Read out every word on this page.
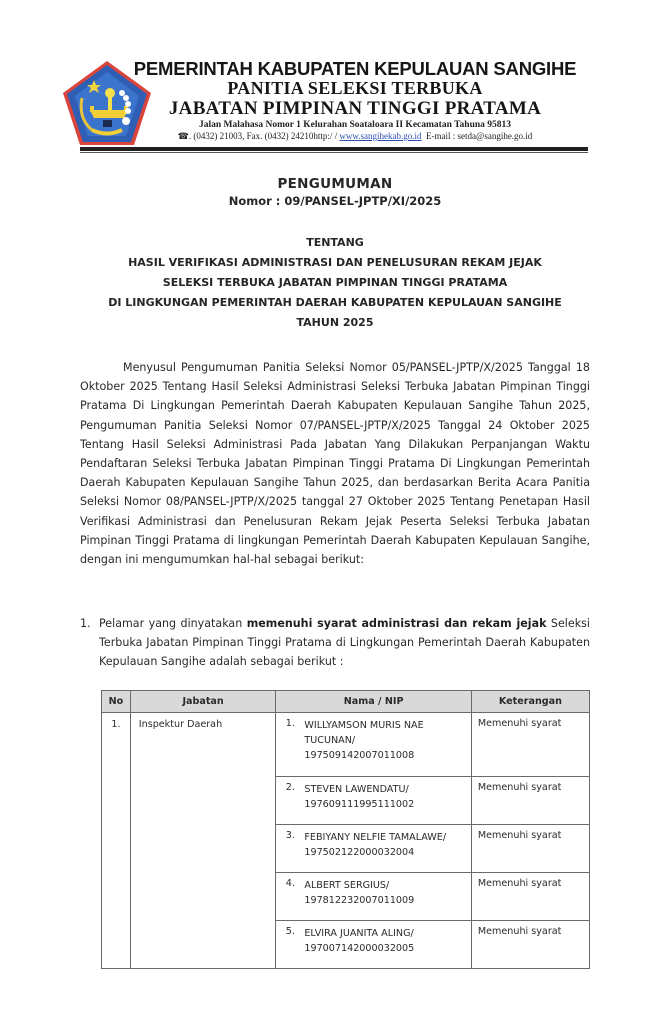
PEMERINTAH KABUPATEN KEPULAUAN SANGIHE
PANITIA SELEKSI TERBUKA
JABATAN PIMPINAN TINGGI PRATAMA
Jalan Malahasa Nomor 1 Kelurahan Soataloara II Kecamatan Tahuna 95813
☎. (0432) 21003, Fax. (0432) 24210http:/ / www.sangihekab.go.id E-mail : setda@sangihe.go.id
PENGUMUMAN
Nomor : 09/PANSEL-JPTP/XI/2025
TENTANG
HASIL VERIFIKASI ADMINISTRASI DAN PENELUSURAN REKAM JEJAK
SELEKSI TERBUKA JABATAN PIMPINAN TINGGI PRATAMA
DI LINGKUNGAN PEMERINTAH DAERAH KABUPATEN KEPULAUAN SANGIHE
TAHUN 2025
Menyusul Pengumuman Panitia Seleksi Nomor 05/PANSEL-JPTP/X/2025 Tanggal 18 Oktober 2025 Tentang Hasil Seleksi Administrasi Seleksi Terbuka Jabatan Pimpinan Tinggi Pratama Di Lingkungan Pemerintah Daerah Kabupaten Kepulauan Sangihe Tahun 2025, Pengumuman Panitia Seleksi Nomor 07/PANSEL-JPTP/X/2025 Tanggal 24 Oktober 2025 Tentang Hasil Seleksi Administrasi Pada Jabatan Yang Dilakukan Perpanjangan Waktu Pendaftaran Seleksi Terbuka Jabatan Pimpinan Tinggi Pratama Di Lingkungan Pemerintah Daerah Kabupaten Kepulauan Sangihe Tahun 2025, dan berdasarkan Berita Acara Panitia Seleksi Nomor 08/PANSEL-JPTP/X/2025 tanggal 27 Oktober 2025 Tentang Penetapan Hasil Verifikasi Administrasi dan Penelusuran Rekam Jejak Peserta Seleksi Terbuka Jabatan Pimpinan Tinggi Pratama di lingkungan Pemerintah Daerah Kabupaten Kepulauan Sangihe, dengan ini mengumumkan hal-hal sebagai berikut:
1. Pelamar yang dinyatakan memenuhi syarat administrasi dan rekam jejak Seleksi Terbuka Jabatan Pimpinan Tinggi Pratama di Lingkungan Pemerintah Daerah Kabupaten Kepulauan Sangihe adalah sebagai berikut :
No	Jabatan	Nama / NIP	Keterangan
1.	Inspektur Daerah	1. WILLYAMSON MURIS NAE TUCUNAN/ 197509142007011008	Memenuhi syarat
		2. STEVEN LAWENDATU/ 197609111995111002	Memenuhi syarat
		3. FEBIYANY NELFIE TAMALAWE/ 197502122000032004	Memenuhi syarat
		4. ALBERT SERGIUS/ 197812232007011009	Memenuhi syarat
		5. ELVIRA JUANITA ALING/ 197007142000032005	Memenuhi syarat
